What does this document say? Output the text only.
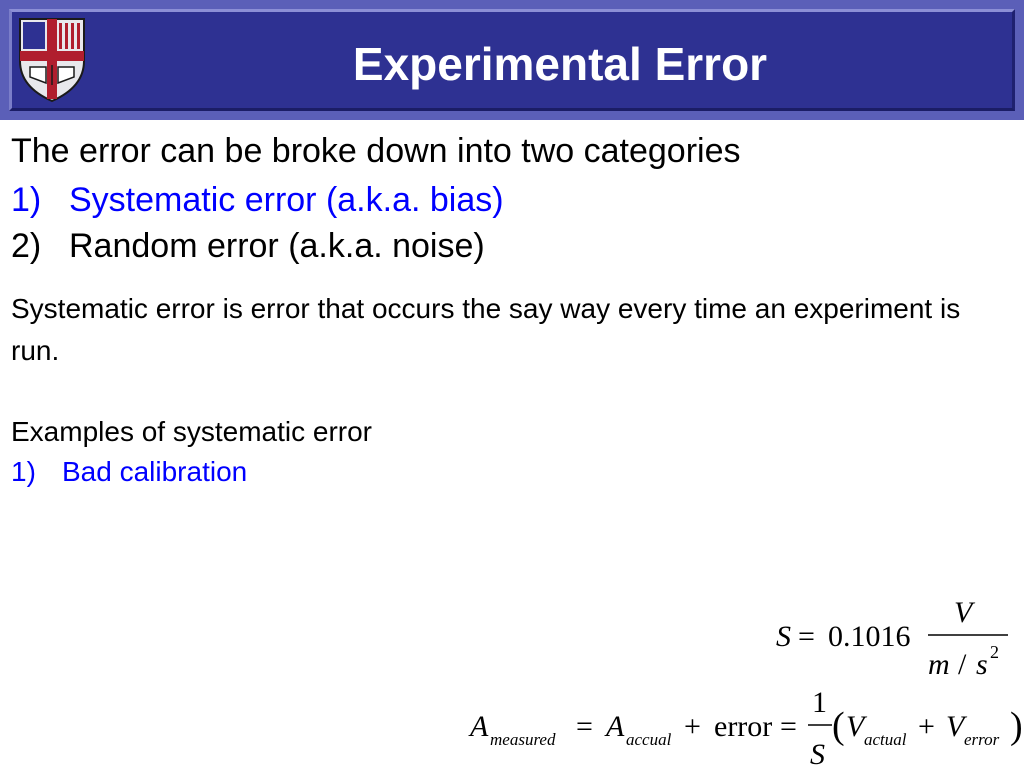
Experimental Error
The error can be broke down into two categories
1) Systematic error (a.k.a. bias)
2) Random error (a.k.a. noise)
Systematic error is error that occurs the say way every time an experiment is run.
Examples of systematic error
1) Bad calibration
S = 0.1016
V
m / s 2
A measured = A accual + error =
1
S
( V actual + V error )
